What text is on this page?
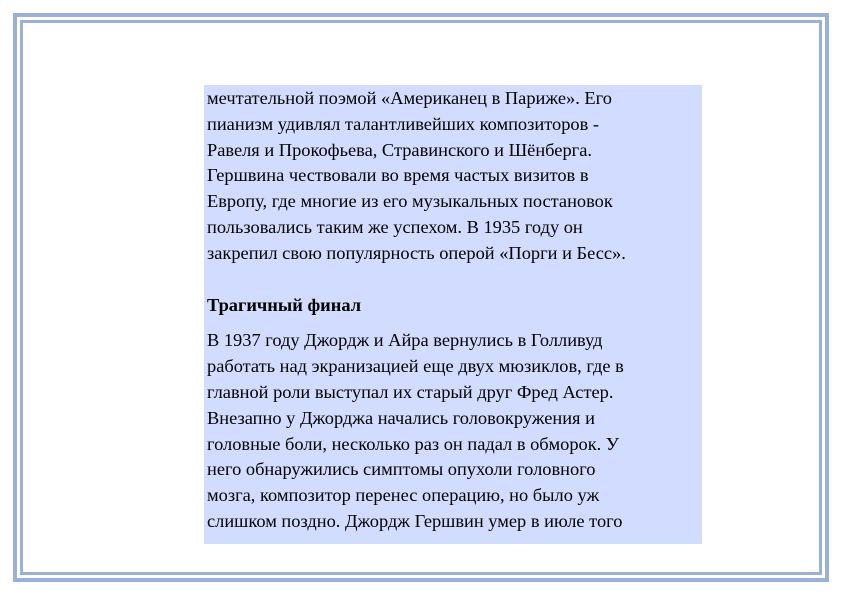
мечтательной поэмой «Американец в Париже». Его
пианизм удивлял талантливейших композиторов -
Равеля и Прокофьева, Стравинского и Шёнберга.
Гершвина чествовали во время частых визитов в
Европу, где многие из его музыкальных постановок
пользовались таким же успехом. В 1935 году он
закрепил свою популярность оперой «Порги и Бесс».
Трагичный финал
В 1937 году Джордж и Айра вернулись в Голливуд
работать над экранизацией еще двух мюзиклов, где в
главной роли выступал их старый друг Фред Астер.
Внезапно у Джорджа начались головокружения и
головные боли, несколько раз он падал в обморок. У
него обнаружились симптомы опухоли головного
мозга, композитор перенес операцию, но было уж
слишком поздно. Джордж Гершвин умер в июле того
